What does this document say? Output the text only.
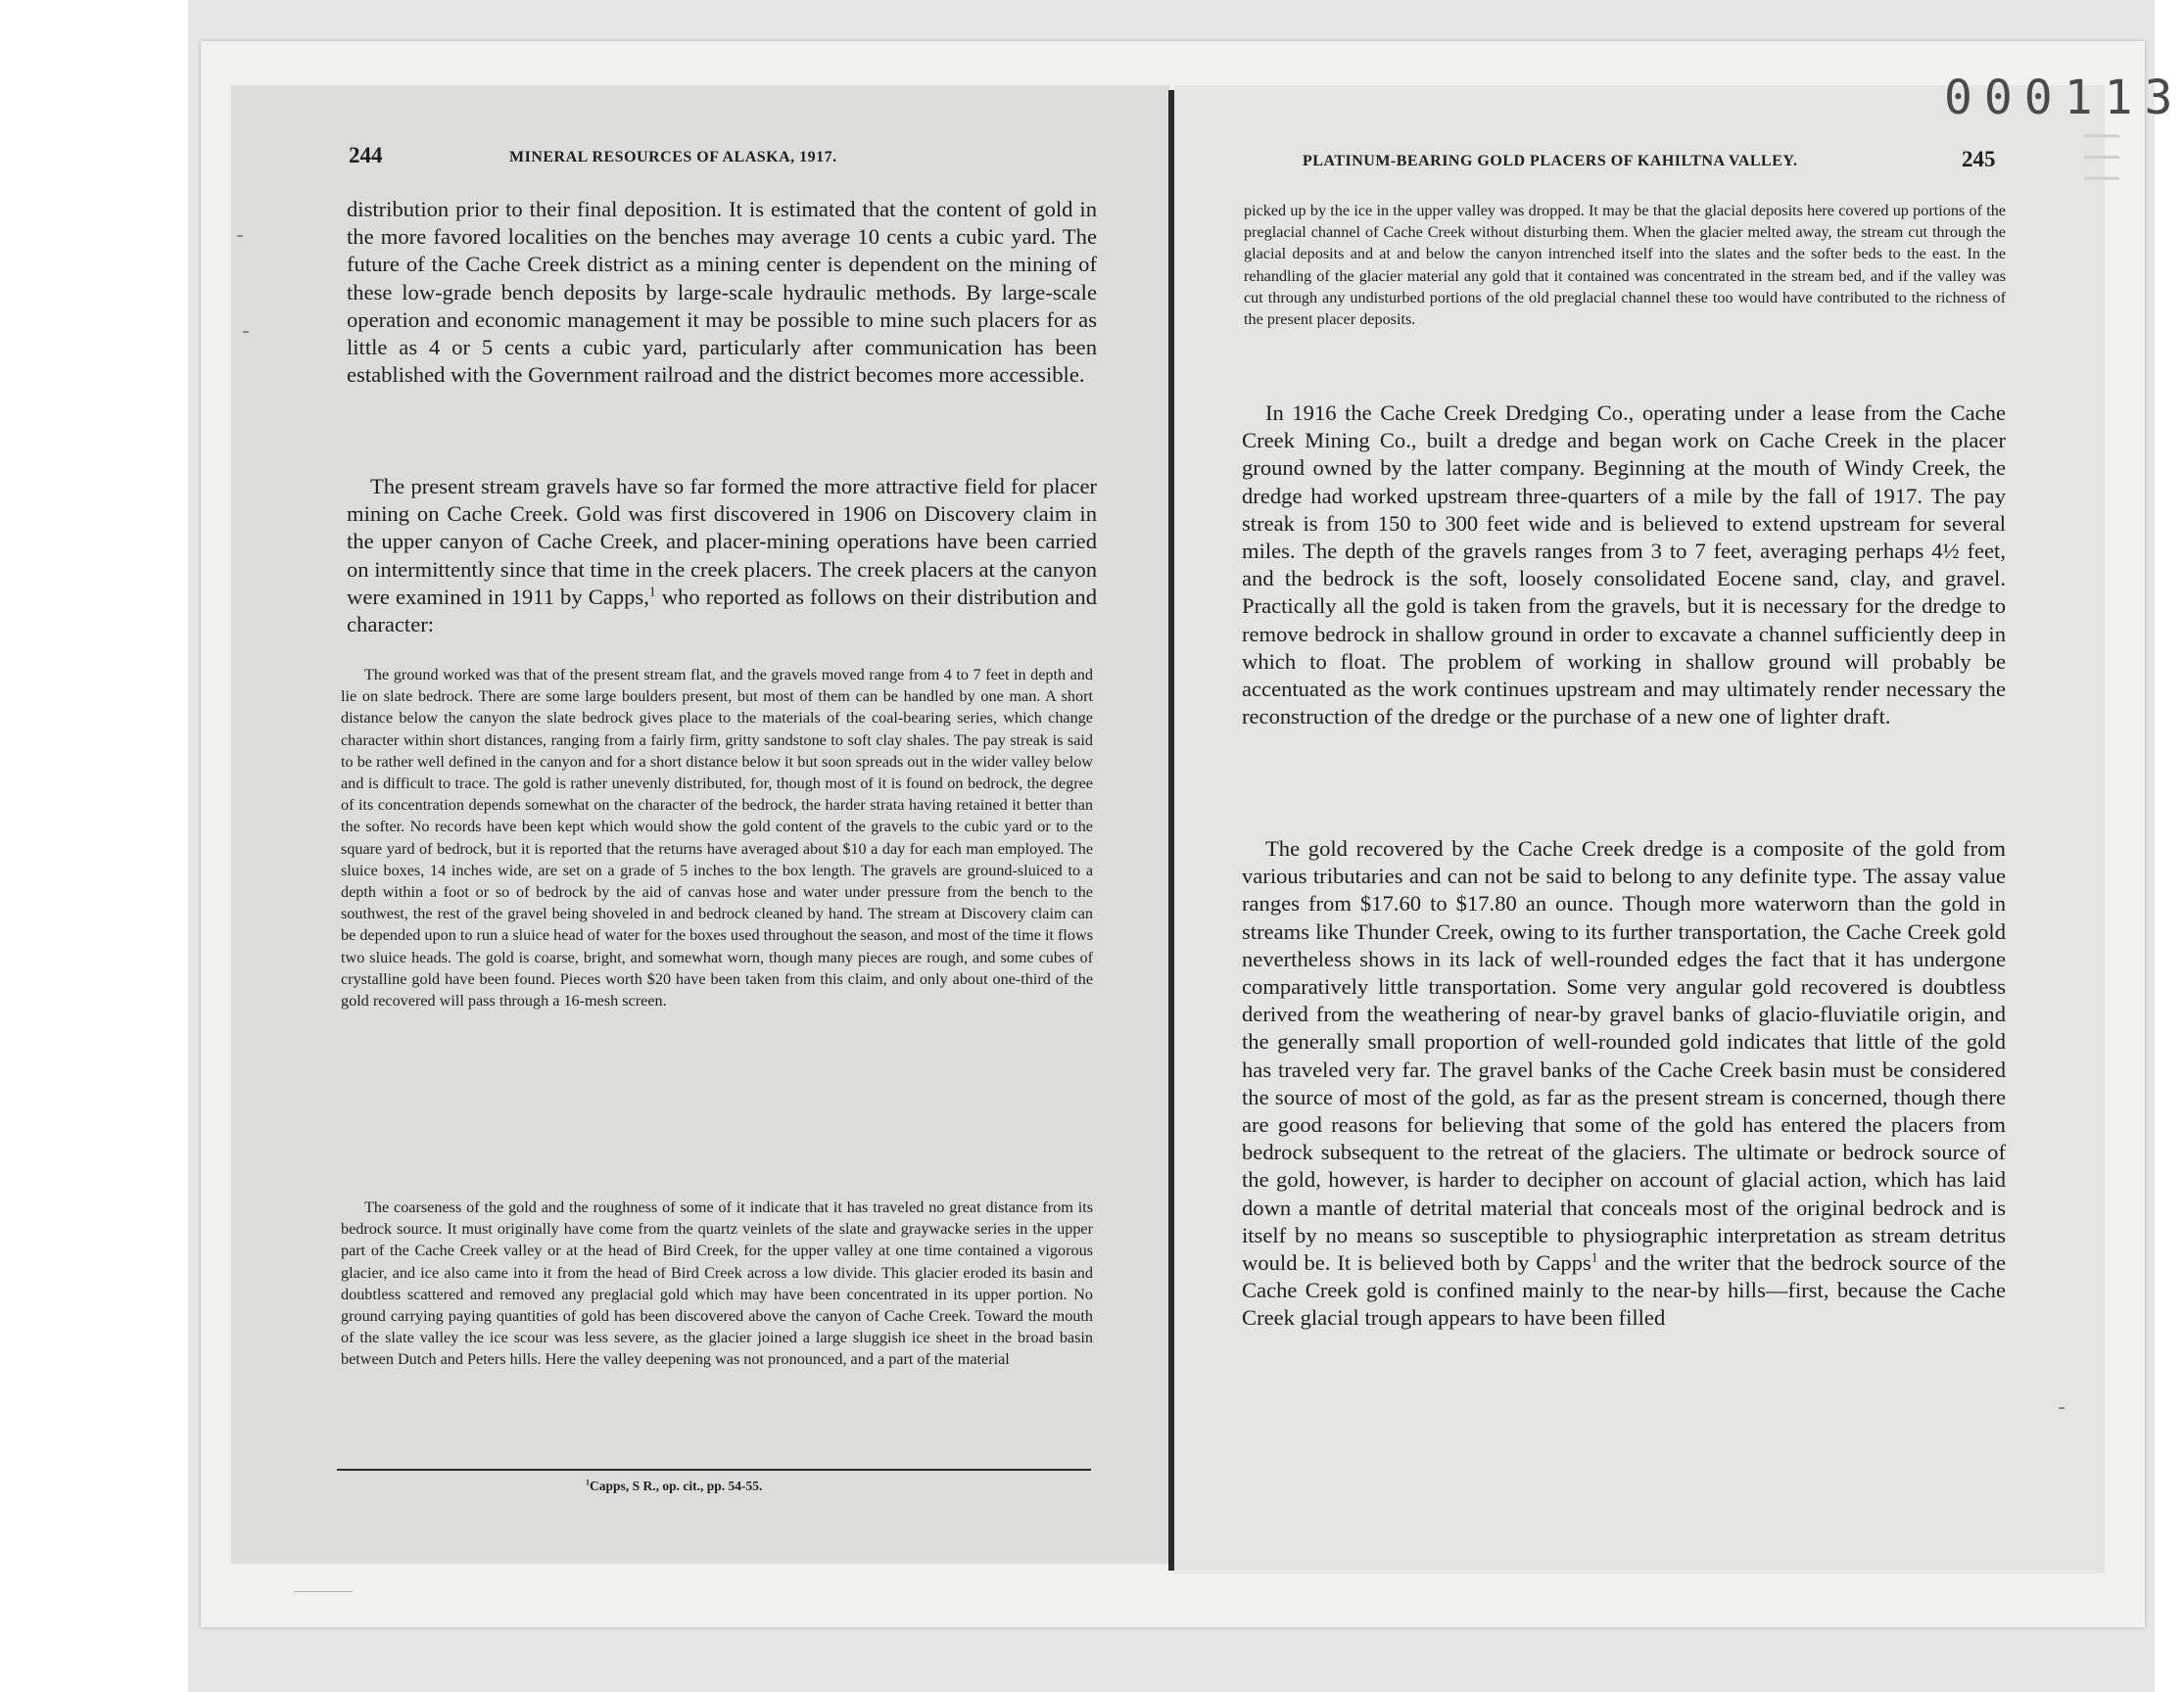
000113
|||
244	MINERAL RESOURCES OF ALASKA, 1917.

distribution prior to their final deposition. It is estimated that the content of gold in the more favored localities on the benches may average 10 cents a cubic yard. The future of the Cache Creek district as a mining center is dependent on the mining of these low-grade bench deposits by large-scale hydraulic methods. By large-scale operation and economic management it may be possible to mine such placers for as little as 4 or 5 cents a cubic yard, particularly after communication has been established with the Government railroad and the district becomes more accessible.

The present stream gravels have so far formed the more attractive field for placer mining on Cache Creek. Gold was first discovered in 1906 on Discovery claim in the upper canyon of Cache Creek, and placer-mining operations have been carried on intermittently since that time in the creek placers. The creek placers at the canyon were examined in 1911 by Capps,$^1$ who reported as follows on their distribution and character:

The ground worked was that of the present stream flat, and the gravels moved range from 4 to 7 feet in depth and lie on slate bedrock. There are some large boulders present, but most of them can be handled by one man. A short distance below the canyon the slate bedrock gives place to the materials of the coal-bearing series, which change character within short distances, ranging from a fairly firm, gritty sandstone to soft clay shales. The pay streak is said to be rather well defined in the canyon and for a short distance below it but soon spreads out in the wider valley below and is difficult to trace. The gold is rather unevenly distributed, for, though most of it is found on bedrock, the degree of its concentration depends somewhat on the character of the bedrock, the harder strata having retained it better than the softer. No records have been kept which would show the gold content of the gravels to the cubic yard or to the square yard of bedrock, but it is reported that the returns have averaged about $10 a day for each man employed. The sluice boxes, 14 inches wide, are set on a grade of 5 inches to the box length. The gravels are ground-sluiced to a depth within a foot or so of bedrock by the aid of canvas hose and water under pressure from the bench to the southwest, the rest of the gravel being shoveled in and bedrock cleaned by hand. The stream at Discovery claim can be depended upon to run a sluice head of water for the boxes used throughout the season, and most of the time it flows two sluice heads. The gold is coarse, bright, and somewhat worn, though many pieces are rough, and some cubes of crystalline gold have been found. Pieces worth $20 have been taken from this claim, and only about one-third of the gold recovered will pass through a 16-mesh screen.

The coarseness of the gold and the roughness of some of it indicate that it has traveled no great distance from its bedrock source. It must originally have come from the quartz veinlets of the slate and graywacke series in the upper part of the Cache Creek valley or at the head of Bird Creek, for the upper valley at one time contained a vigorous glacier, and ice also came into it from the head of Bird Creek across a low divide. This glacier eroded its basin and doubtless scattered and removed any preglacial gold which may have been concentrated in its upper portion. No ground carrying paying quantities of gold has been discovered above the canyon of Cache Creek. Toward the mouth of the slate valley the ice scour was less severe, as the glacier joined a large sluggish ice sheet in the broad basin between Dutch and Peters hills. Here the valley deepening was not pronounced, and a part of the material

$^1$Capps, S R., op. cit., pp. 54-55.
PLATINUM-BEARING GOLD PLACERS OF KAHILTNA VALLEY.	245

picked up by the ice in the upper valley was dropped. It may be that the glacial deposits here covered up portions of the preglacial channel of Cache Creek without disturbing them. When the glacier melted away, the stream cut through the glacial deposits and at and below the canyon intrenched itself into the slates and the softer beds to the east. In the rehandling of the glacier material any gold that it contained was concentrated in the stream bed, and if the valley was cut through any undisturbed portions of the old preglacial channel these too would have contributed to the richness of the present placer deposits.

In 1916 the Cache Creek Dredging Co., operating under a lease from the Cache Creek Mining Co., built a dredge and began work on Cache Creek in the placer ground owned by the latter company. Beginning at the mouth of Windy Creek, the dredge had worked upstream three-quarters of a mile by the fall of 1917. The pay streak is from 150 to 300 feet wide and is believed to extend upstream for several miles. The depth of the gravels ranges from 3 to 7 feet, averaging perhaps 4½ feet, and the bedrock is the soft, loosely consolidated Eocene sand, clay, and gravel. Practically all the gold is taken from the gravels, but it is necessary for the dredge to remove bedrock in shallow ground in order to excavate a channel sufficiently deep in which to float. The problem of working in shallow ground will probably be accentuated as the work continues upstream and may ultimately render necessary the reconstruction of the dredge or the purchase of a new one of lighter draft.

The gold recovered by the Cache Creek dredge is a composite of the gold from various tributaries and can not be said to belong to any definite type. The assay value ranges from $17.60 to $17.80 an ounce. Though more waterworn than the gold in streams like Thunder Creek, owing to its further transportation, the Cache Creek gold nevertheless shows in its lack of well-rounded edges the fact that it has undergone comparatively little transportation. Some very angular gold recovered is doubtless derived from the weathering of near-by gravel banks of glacio-fluviatile origin, and the generally small proportion of well-rounded gold indicates that little of the gold has traveled very far. The gravel banks of the Cache Creek basin must be considered the source of most of the gold, as far as the present stream is concerned, though there are good reasons for believing that some of the gold has entered the placers from bedrock subsequent to the retreat of the glaciers. The ultimate or bedrock source of the gold, however, is harder to decipher on account of glacial action, which has laid down a mantle of detrital material that conceals most of the original bedrock and is itself by no means so susceptible to physiographic interpretation as stream detritus would be. It is believed both by Capps$^1$ and the writer that the bedrock source of the Cache Creek gold is confined mainly to the near-by hills—first, because the Cache Creek glacial trough appears to have been filled
